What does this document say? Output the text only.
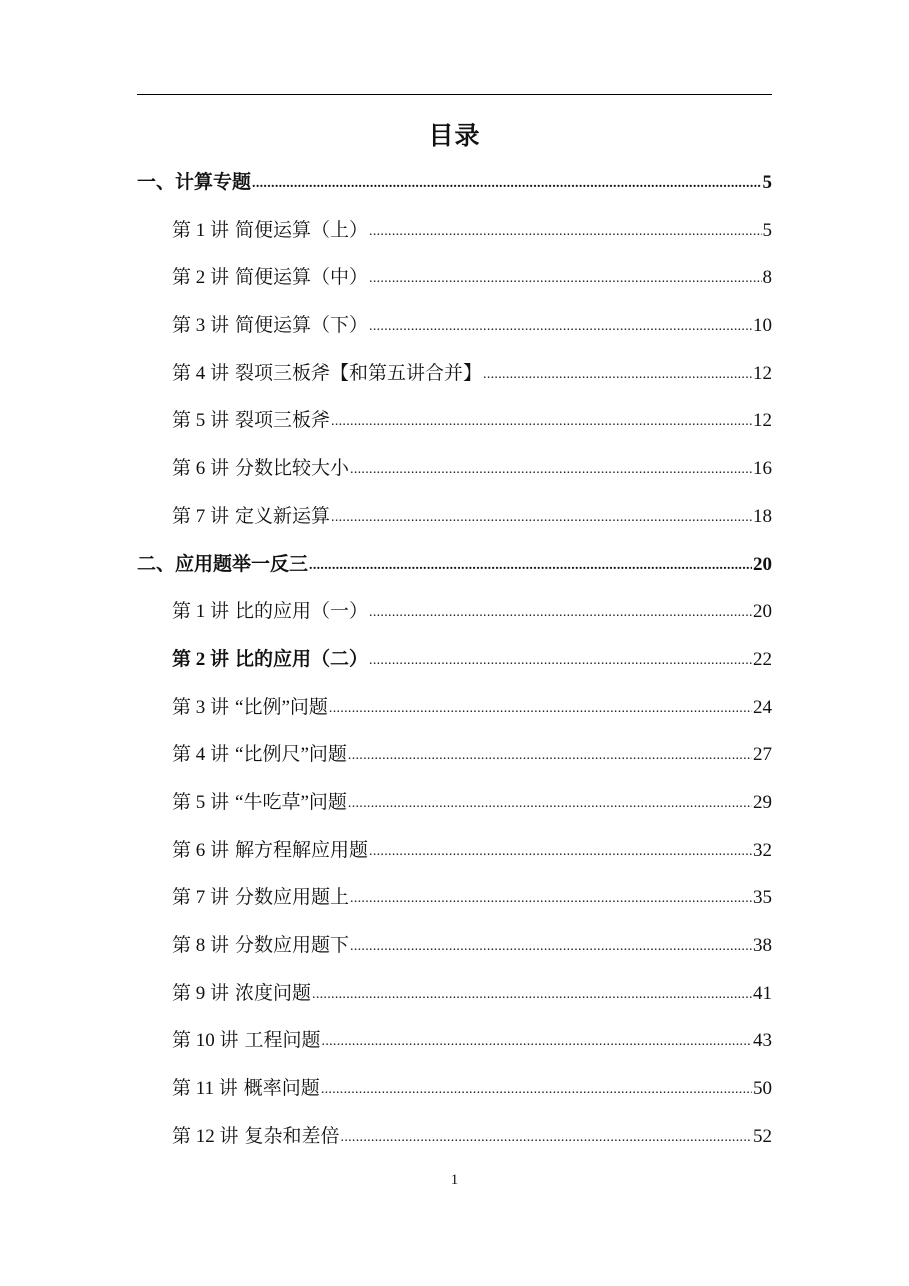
目录
一、计算专题 .....	5
第 1 讲 简便运算（上） .....	5
第 2 讲 简便运算（中） .....	8
第 3 讲 简便运算（下） .....	10
第 4 讲 裂项三板斧【和第五讲合并】 .....	12
第 5 讲 裂项三板斧 .....	12
第 6 讲 分数比较大小 .....	16
第 7 讲 定义新运算 .....	18
二、应用题举一反三 .....	20
第 1 讲 比的应用（一） .....	20
第 2 讲 比的应用（二） .....	22
第 3 讲 “比例”问题 .....	24
第 4 讲 “比例尺”问题 .....	27
第 5 讲 “牛吃草”问题 .....	29
第 6 讲 解方程解应用题 .....	32
第 7 讲 分数应用题上 .....	35
第 8 讲 分数应用题下 .....	38
第 9 讲 浓度问题 .....	41
第 10 讲 工程问题 .....	43
第 11 讲 概率问题 .....	50
第 12 讲 复杂和差倍 .....	52
1
